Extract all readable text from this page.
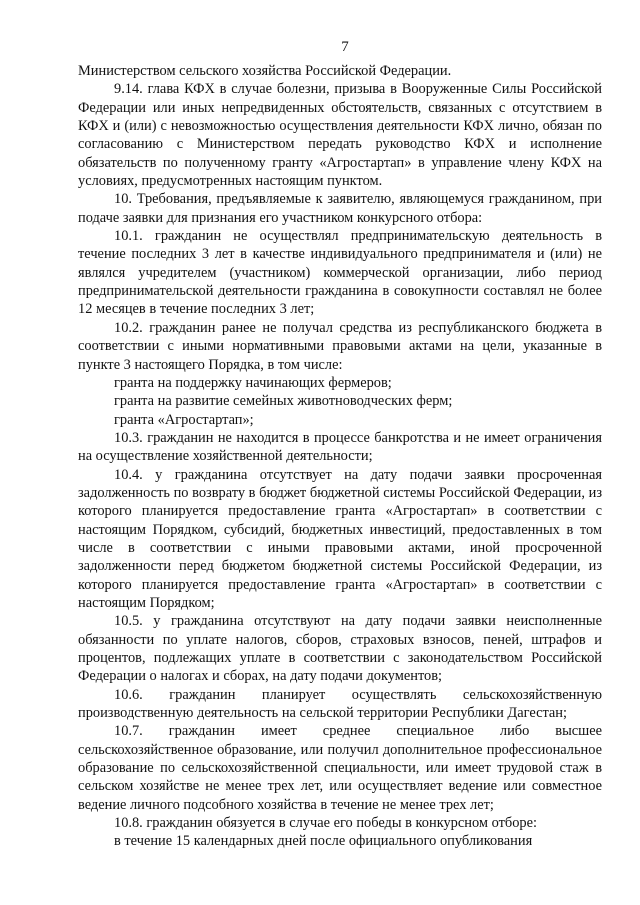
7

Министерством сельского хозяйства Российской Федерации.

9.14. глава КФХ в случае болезни, призыва в Вооруженные Силы Российской Федерации или иных непредвиденных обстоятельств, связанных с отсутствием в КФХ и (или) с невозможностью осуществления деятельности КФХ лично, обязан по согласованию с Министерством передать руководство КФХ и исполнение обязательств по полученному гранту «Агростартап» в управление члену КФХ на условиях, предусмотренных настоящим пунктом.

10. Требования, предъявляемые к заявителю, являющемуся гражданином, при подаче заявки для признания его участником конкурсного отбора:

10.1. гражданин не осуществлял предпринимательскую деятельность в течение последних 3 лет в качестве индивидуального предпринимателя и (или) не являлся учредителем (участником) коммерческой организации, либо период предпринимательской деятельности гражданина в совокупности составлял не более 12 месяцев в течение последних 3 лет;

10.2. гражданин ранее не получал средства из республиканского бюджета в соответствии с иными нормативными правовыми актами на цели, указанные в пункте 3 настоящего Порядка, в том числе:

гранта на поддержку начинающих фермеров;

гранта на развитие семейных животноводческих ферм;

гранта «Агростартап»;

10.3. гражданин не находится в процессе банкротства и не имеет ограничения на осуществление хозяйственной деятельности;

10.4. у гражданина отсутствует на дату подачи заявки просроченная задолженность по возврату в бюджет бюджетной системы Российской Федерации, из которого планируется предоставление гранта «Агростартап» в соответствии с настоящим Порядком, субсидий, бюджетных инвестиций, предоставленных в том числе в соответствии с иными правовыми актами, иной просроченной задолженности перед бюджетом бюджетной системы Российской Федерации, из которого планируется предоставление гранта «Агростартап» в соответствии с настоящим Порядком;

10.5. у гражданина отсутствуют на дату подачи заявки неисполненные обязанности по уплате налогов, сборов, страховых взносов, пеней, штрафов и процентов, подлежащих уплате в соответствии с законодательством Российской Федерации о налогах и сборах, на дату подачи документов;

10.6. гражданин планирует осуществлять сельскохозяйственную производственную деятельность на сельской территории Республики Дагестан;

10.7. гражданин имеет среднее специальное либо высшее сельскохозяйственное образование, или получил дополнительное профессиональное образование по сельскохозяйственной специальности, или имеет трудовой стаж в сельском хозяйстве не менее трех лет, или осуществляет ведение или совместное ведение личного подсобного хозяйства в течение не менее трех лет;

10.8. гражданин обязуется в случае его победы в конкурсном отборе:

в течение 15 календарных дней после официального опубликования
